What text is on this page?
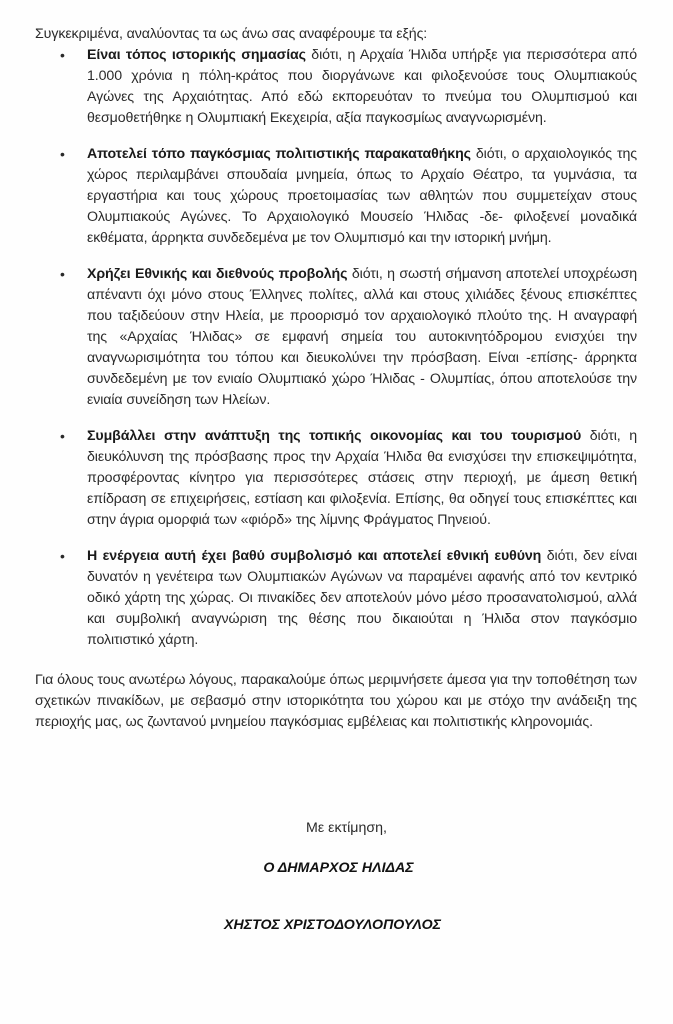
Συγκεκριμένα, αναλύοντας τα ως άνω σας αναφέρουμε τα εξής:

• Είναι τόπος ιστορικής σημασίας διότι, η Αρχαία Ήλιδα υπήρξε για περισσότερα από 1.000 χρόνια η πόλη-κράτος που διοργάνωνε και φιλοξενούσε τους Ολυμπιακούς Αγώνες της Αρχαιότητας. Από εδώ εκπορευόταν το πνεύμα του Ολυμπισμού και θεσμοθετήθηκε η Ολυμπιακή Εκεχειρία, αξία παγκοσμίως αναγνωρισμένη.
• Αποτελεί τόπο παγκόσμιας πολιτιστικής παρακαταθήκης διότι, ο αρχαιολογικός της χώρος περιλαμβάνει σπουδαία μνημεία, όπως το Αρχαίο Θέατρο, τα γυμνάσια, τα εργαστήρια και τους χώρους προετοιμασίας των αθλητών που συμμετείχαν στους Ολυμπιακούς Αγώνες. Το Αρχαιολογικό Μουσείο Ήλιδας -δε- φιλοξενεί μοναδικά εκθέματα, άρρηκτα συνδεδεμένα με τον Ολυμπισμό και την ιστορική μνήμη.
• Χρήζει Εθνικής και διεθνούς προβολής διότι, η σωστή σήμανση αποτελεί υποχρέωση απέναντι όχι μόνο στους Έλληνες πολίτες, αλλά και στους χιλιάδες ξένους επισκέπτες που ταξιδεύουν στην Ηλεία, με προορισμό τον αρχαιολογικό πλούτο της. Η αναγραφή της «Αρχαίας Ήλιδας» σε εμφανή σημεία του αυτοκινητόδρομου ενισχύει την αναγνωρισιμότητα του τόπου και διευκολύνει την πρόσβαση. Είναι -επίσης- άρρηκτα συνδεδεμένη με τον ενιαίο Ολυμπιακό χώρο Ήλιδας - Ολυμπίας, όπου αποτελούσε την ενιαία συνείδηση των Ηλείων.
• Συμβάλλει στην ανάπτυξη της τοπικής οικονομίας και του τουρισμού διότι, η διευκόλυνση της πρόσβασης προς την Αρχαία Ήλιδα θα ενισχύσει την επισκεψιμότητα, προσφέροντας κίνητρο για περισσότερες στάσεις στην περιοχή, με άμεση θετική επίδραση σε επιχειρήσεις, εστίαση και φιλοξενία. Επίσης, θα οδηγεί τους επισκέπτες και στην άγρια ομορφιά των «φιόρδ» της λίμνης Φράγματος Πηνειού.
• Η ενέργεια αυτή έχει βαθύ συμβολισμό και αποτελεί εθνική ευθύνη διότι, δεν είναι δυνατόν η γενέτειρα των Ολυμπιακών Αγώνων να παραμένει αφανής από τον κεντρικό οδικό χάρτη της χώρας. Οι πινακίδες δεν αποτελούν μόνο μέσο προσανατολισμού, αλλά και συμβολική αναγνώριση της θέσης που δικαιούται η Ήλιδα στον παγκόσμιο πολιτιστικό χάρτη.

Για όλους τους ανωτέρω λόγους, παρακαλούμε όπως μεριμνήσετε άμεσα για την τοποθέτηση των σχετικών πινακίδων, με σεβασμό στην ιστορικότητα του χώρου και με στόχο την ανάδειξη της περιοχής μας, ως ζωντανού μνημείου παγκόσμιας εμβέλειας και πολιτιστικής κληρονομιάς.

Με εκτίμηση,
Ο ΔΗΜΑΡΧΟΣ ΗΛΙΔΑΣ
ΧΗΣΤΟΣ ΧΡΙΣΤΟΔΟΥΛΟΠΟΥΛΟΣ
